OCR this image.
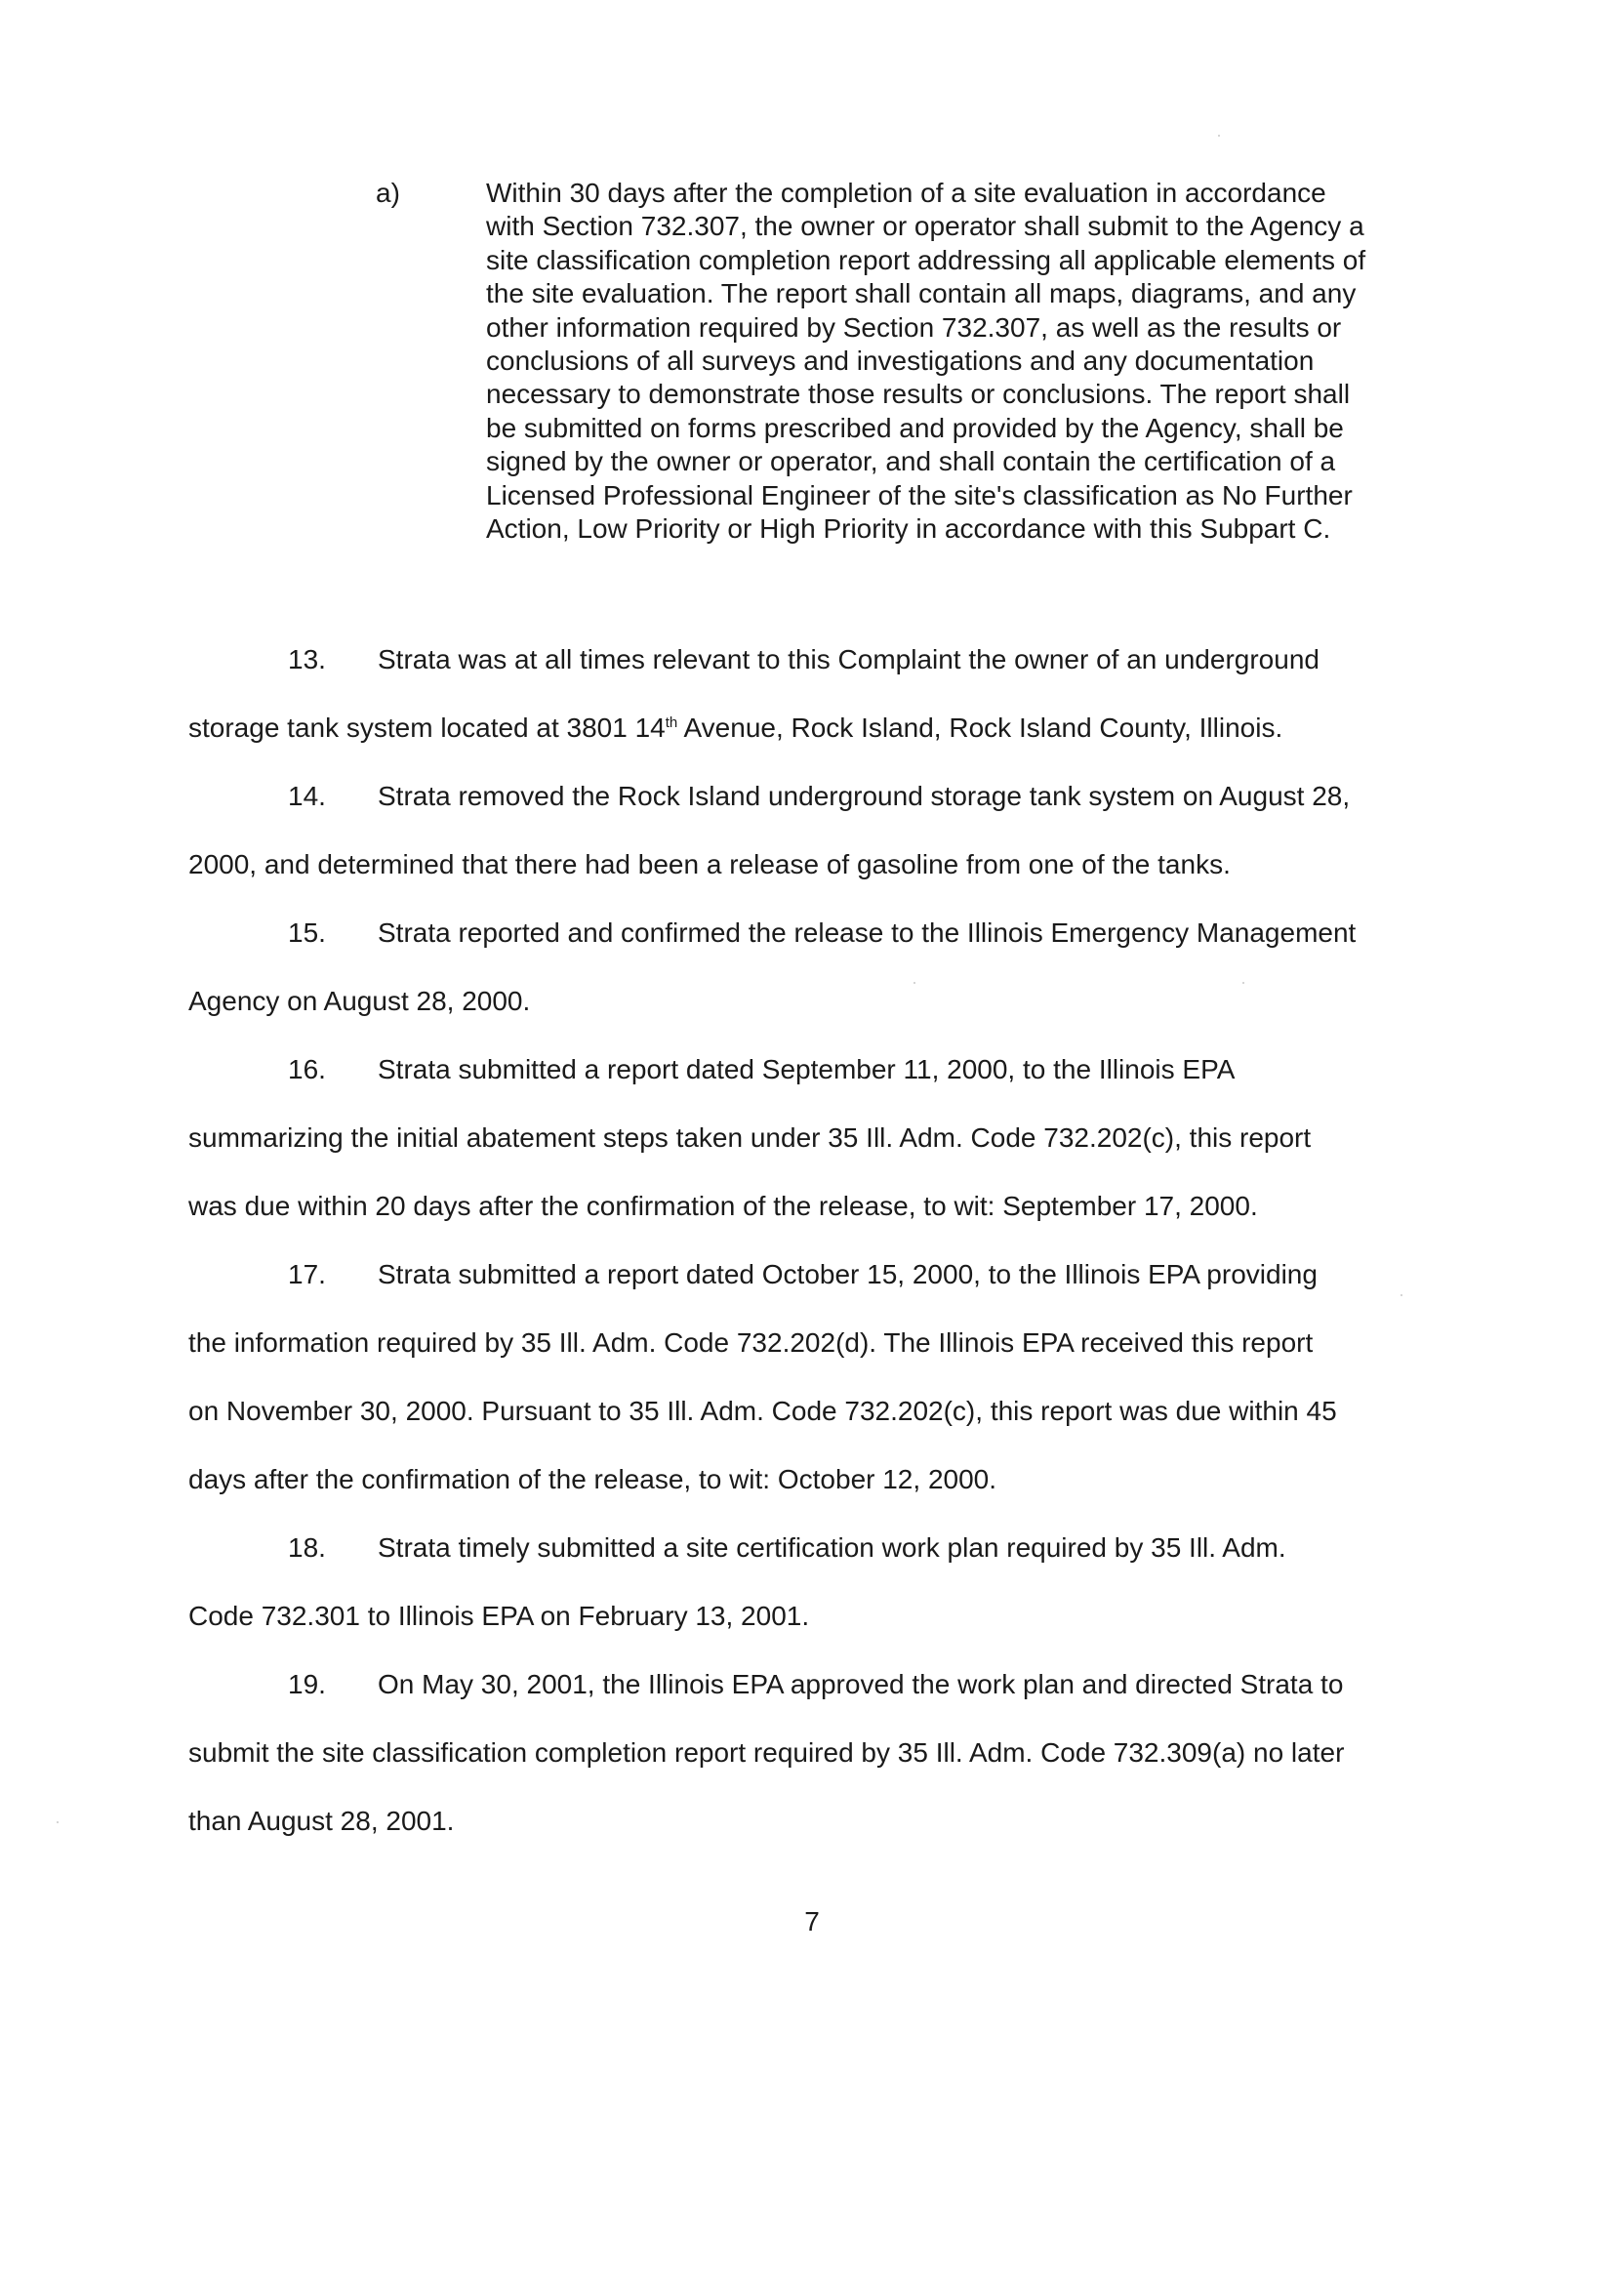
a)	Within 30 days after the completion of a site evaluation in accordance
with Section 732.307, the owner or operator shall submit to the Agency a
site classification completion report addressing all applicable elements of
the site evaluation. The report shall contain all maps, diagrams, and any
other information required by Section 732.307, as well as the results or
conclusions of all surveys and investigations and any documentation
necessary to demonstrate those results or conclusions. The report shall
be submitted on forms prescribed and provided by the Agency, shall be
signed by the owner or operator, and shall contain the certification of a
Licensed Professional Engineer of the site's classification as No Further
Action, Low Priority or High Priority in accordance with this Subpart C.

13. Strata was at all times relevant to this Complaint the owner of an underground
storage tank system located at 3801 14th Avenue, Rock Island, Rock Island County, Illinois.

14. Strata removed the Rock Island underground storage tank system on August 28,
2000, and determined that there had been a release of gasoline from one of the tanks.

15. Strata reported and confirmed the release to the Illinois Emergency Management
Agency on August 28, 2000.

16. Strata submitted a report dated September 11, 2000, to the Illinois EPA
summarizing the initial abatement steps taken under 35 Ill. Adm. Code 732.202(c), this report
was due within 20 days after the confirmation of the release, to wit: September 17, 2000.

17. Strata submitted a report dated October 15, 2000, to the Illinois EPA providing
the information required by 35 Ill. Adm. Code 732.202(d). The Illinois EPA received this report
on November 30, 2000. Pursuant to 35 Ill. Adm. Code 732.202(c), this report was due within 45
days after the confirmation of the release, to wit: October 12, 2000.

18. Strata timely submitted a site certification work plan required by 35 Ill. Adm.
Code 732.301 to Illinois EPA on February 13, 2001.

19. On May 30, 2001, the Illinois EPA approved the work plan and directed Strata to
submit the site classification completion report required by 35 Ill. Adm. Code 732.309(a) no later
than August 28, 2001.

7
